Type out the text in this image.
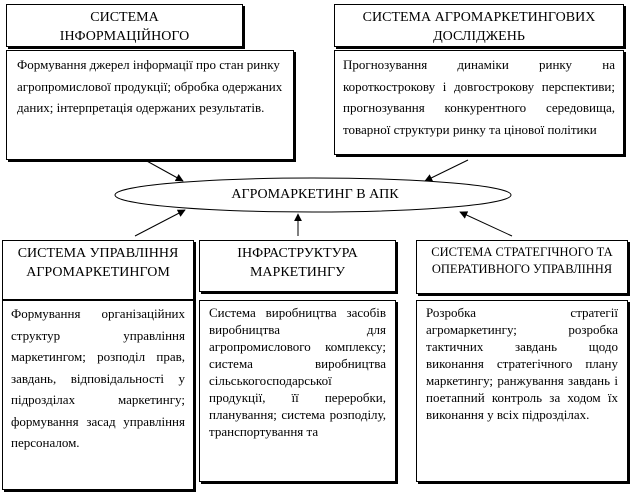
АГРОМАРКЕТИНГ В АПК
СИСТЕМА ІНФОРМАЦІЙНОГО
Формування джерел інформації про стан ринку агропромислової продукції; обробка одержаних даних; інтерпретація одержаних результатів.
СИСТЕМА АГРОМАРКЕТИНГОВИХ ДОСЛІДЖЕНЬ
Прогнозування динаміки ринку на короткострокову і довгострокову перспективи; прогнозування конкурентного середовища, товарної структури ринку та цінової політики
СИСТЕМА УПРАВЛІННЯ АГРОМАРКЕТИНГОМ
Формування організаційних структур управління маркетингом; розподіл прав, завдань, відповідальності у підрозділах маркетингу; формування засад управління персоналом.
ІНФРАСТРУКТУРА МАРКЕТИНГУ
Система виробництва засобів виробництва для агропромислового комплексу; система виробництва сільськогосподарської продукції, її переробки, планування; система розподілу, транспортування та
СИСТЕМА СТРАТЕГІЧНОГО ТА ОПЕРАТИВНОГО УПРАВЛІННЯ
Розробка стратегії агромаркетингу; розробка тактичних завдань щодо виконання стратегічного плану маркетингу; ранжування завдань і поетапний контроль за ходом їх виконання у всіх підрозділах.
